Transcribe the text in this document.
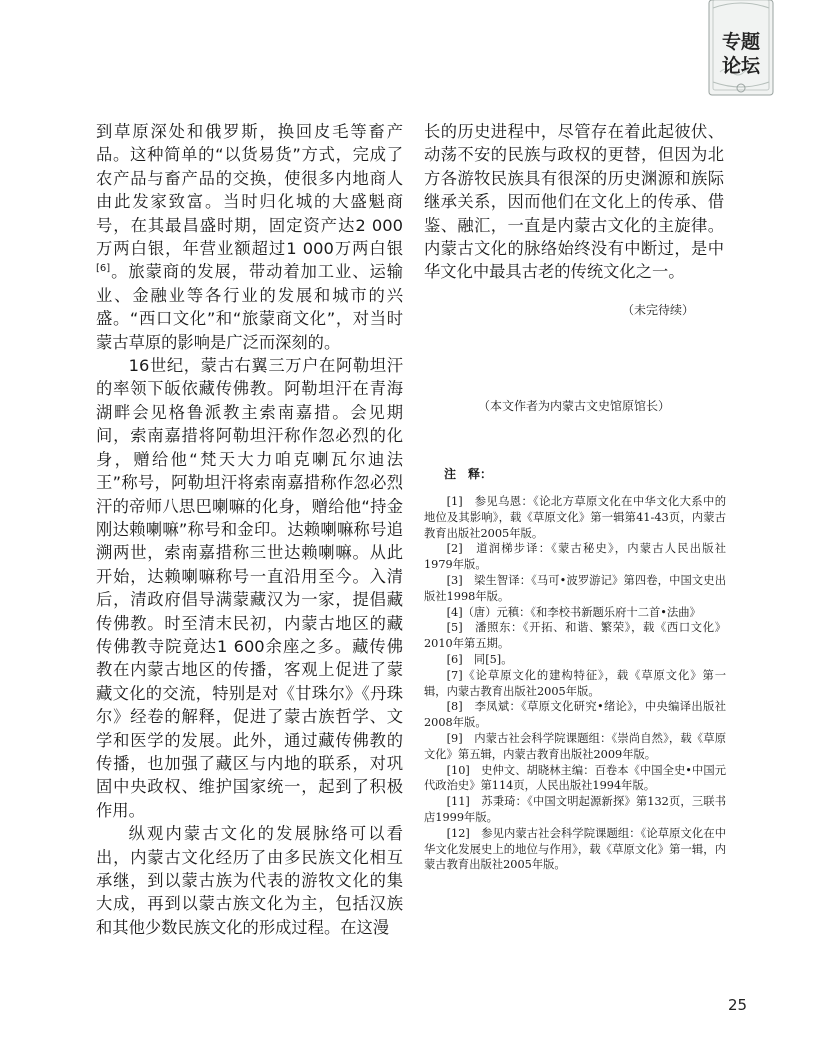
专题
论坛

到草原深处和俄罗斯，换回皮毛等畜产品。这种简单的“以货易货”方式，完成了农产品与畜产品的交换，使很多内地商人由此发家致富。当时归化城的大盛魁商号，在其最昌盛时期，固定资产达2 000万两白银，年营业额超过1 000万两白银[6]。旅蒙商的发展，带动着加工业、运输业、金融业等各行业的发展和城市的兴盛。“西口文化”和“旅蒙商文化”，对当时蒙古草原的影响是广泛而深刻的。

16世纪，蒙古右翼三万户在阿勒坦汗的率领下皈依藏传佛教。阿勒坦汗在青海湖畔会见格鲁派教主索南嘉措。会见期间，索南嘉措将阿勒坦汗称作忽必烈的化身，赠给他“梵天大力咱克喇瓦尔迪法王”称号，阿勒坦汗将索南嘉措称作忽必烈汗的帝师八思巴喇嘛的化身，赠给他“持金刚达赖喇嘛”称号和金印。达赖喇嘛称号追溯两世，索南嘉措称三世达赖喇嘛。从此开始，达赖喇嘛称号一直沿用至今。入清后，清政府倡导满蒙藏汉为一家，提倡藏传佛教。时至清末民初，内蒙古地区的藏传佛教寺院竟达1 600余座之多。藏传佛教在内蒙古地区的传播，客观上促进了蒙藏文化的交流，特别是对《甘珠尔》《丹珠尔》经卷的解释，促进了蒙古族哲学、文学和医学的发展。此外，通过藏传佛教的传播，也加强了藏区与内地的联系，对巩固中央政权、维护国家统一，起到了积极作用。

纵观内蒙古文化的发展脉络可以看出，内蒙古文化经历了由多民族文化相互承继，到以蒙古族为代表的游牧文化的集大成，再到以蒙古族文化为主，包括汉族和其他少数民族文化的形成过程。在这漫

长的历史进程中，尽管存在着此起彼伏、动荡不安的民族与政权的更替，但因为北方各游牧民族具有很深的历史渊源和族际继承关系，因而他们在文化上的传承、借鉴、融汇，一直是内蒙古文化的主旋律。内蒙古文化的脉络始终没有中断过，是中华文化中最具古老的传统文化之一。

（未完待续）
（本文作者为内蒙古文史馆原馆长）
注　释：

[1]　参见乌恩：《论北方草原文化在中华文化大系中的地位及其影响》，载《草原文化》第一辑第41-43页，内蒙古教育出版社2005年版。

[2]　道润梯步译：《蒙古秘史》，内蒙古人民出版社1979年版。

[3]　梁生智译：《马可•波罗游记》第四卷，中国文史出版社1998年版。

[4]（唐）元稹：《和李校书新题乐府十二首•法曲》

[5]　潘照东：《开拓、和谐、繁荣》，载《西口文化》2010年第五期。

[6]　同[5]。

[7]《论草原文化的建构特征》，载《草原文化》第一辑，内蒙古教育出版社2005年版。

[8]　李凤斌：《草原文化研究•绪论》，中央编译出版社2008年版。

[9]　内蒙古社会科学院课题组：《崇尚自然》，载《草原文化》第五辑，内蒙古教育出版社2009年版。

[10]　史仲文、胡晓林主编：百卷本《中国全史•中国元代政治史》第114页，人民出版社1994年版。

[11]　苏秉琦：《中国文明起源新探》第132页，三联书店1999年版。

[12]　参见内蒙古社会科学院课题组：《论草原文化在中华文化发展史上的地位与作用》，载《草原文化》第一辑，内蒙古教育出版社2005年版。

25
